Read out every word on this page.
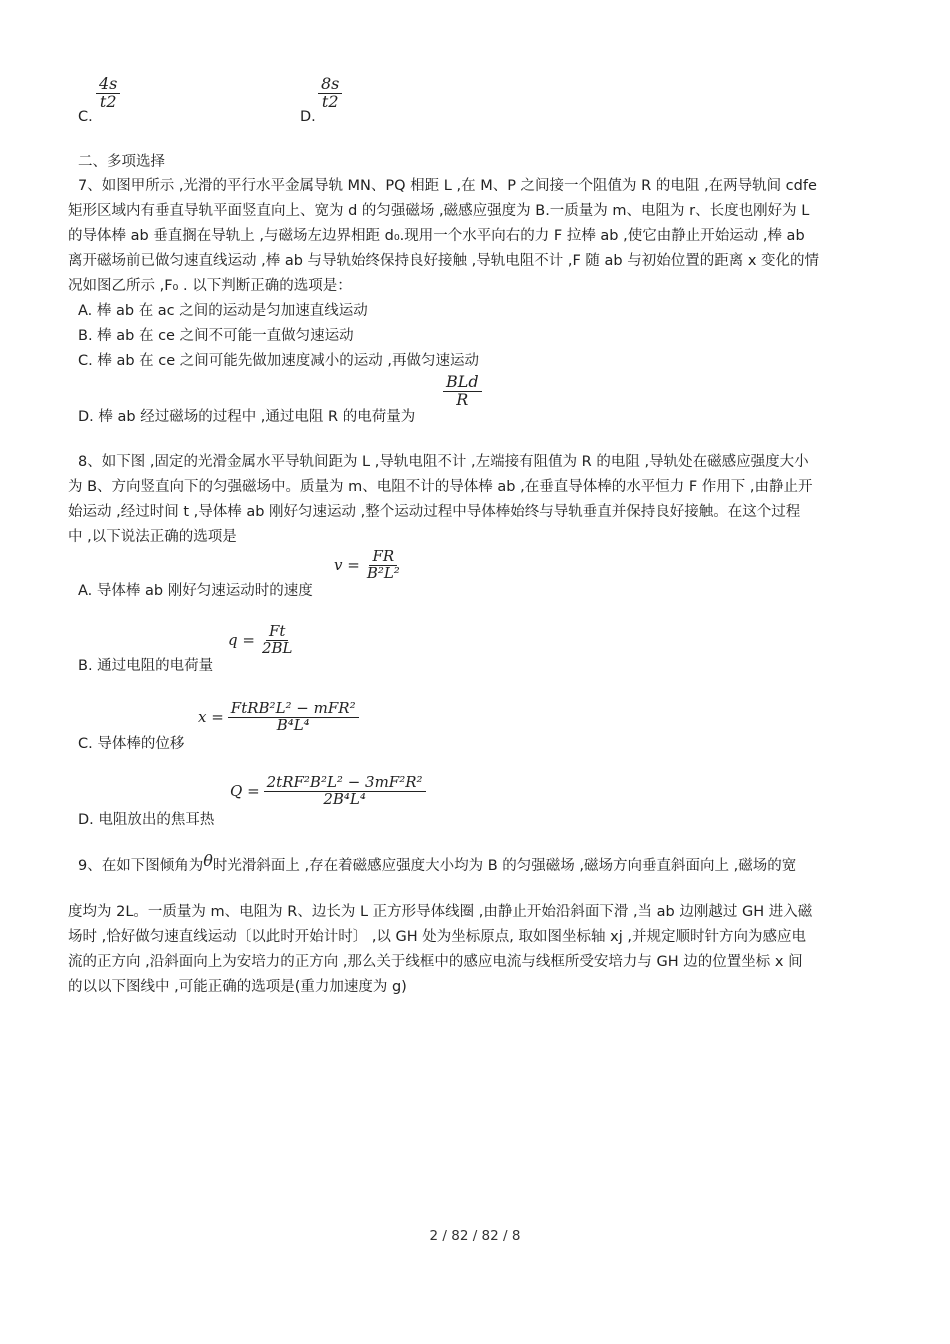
C.
$\frac{4s}{t2}$
D.
$\frac{8s}{t2}$
二、多项选择
7、如图甲所示 ,光滑的平行水平金属导轨 MN、PQ 相距 L ,在 M、P 之间接一个阻值为 R 的电阻 ,在两导轨间 cdfe
矩形区域内有垂直导轨平面竖直向上、宽为 d 的匀强磁场 ,磁感应强度为 B.一质量为 m、电阻为 r、长度也刚好为 L
的导体棒 ab 垂直搁在导轨上 ,与磁场左边界相距 d₀.现用一个水平向右的力 F 拉棒 ab ,使它由静止开始运动 ,棒 ab
离开磁场前已做匀速直线运动 ,棒 ab 与导轨始终保持良好接触 ,导轨电阻不计 ,F 随 ab 与初始位置的距离 x 变化的情
况如图乙所示 ,F₀ . 以下判断正确的选项是：
A. 棒 ab 在 ac 之间的运动是匀加速直线运动
B. 棒 ab 在 ce 之间不可能一直做匀速运动
C. 棒 ab 在 ce 之间可能先做加速度减小的运动 ,再做匀速运动
D. 棒 ab 经过磁场的过程中 ,通过电阻 R 的电荷量为
BLd
R
8、如下图 ,固定的光滑金属水平导轨间距为 L ,导轨电阻不计 ,左端接有阻值为 R 的电阻 ,导轨处在磁感应强度大小
为 B、方向竖直向下的匀强磁场中。质量为 m、电阻不计的导体棒 ab ,在垂直导体棒的水平恒力 F 作用下 ,由静止开
始运动 ,经过时间 t ,导体棒 ab 刚好匀速运动 ,整个运动过程中导体棒始终与导轨垂直并保持良好接触。在这个过程
中 ,以下说法正确的选项是
A. 导体棒 ab 刚好匀速运动时的速度
$v = \frac{FR}{\text{B²L²}}$
B. 通过电阻的电荷量
$q = \frac{Ft}{2BL}$
C. 导体棒的位移
$x = \frac{\text{FtRB²L² − mFR²}}{\text{B⁴L⁴}}$
D. 电阻放出的焦耳热
$Q = \frac{\text{2tRF²B²L² − 3mF²R²}}{\text{2B⁴L⁴}}$
9、在如下图倾角为θ时光滑斜面上 ,存在着磁感应强度大小均为 B 的匀强磁场 ,磁场方向垂直斜面向上 ,磁场的宽
度均为 2L。一质量为 m、电阻为 R、边长为 L 正方形导体线圈 ,由静止开始沿斜面下滑 ,当 ab 边刚越过 GH 进入磁
场时 ,恰好做匀速直线运动〔以此时开始计时〕 ,以 GH 处为坐标原点, 取如图坐标轴 xj ,并规定顺时针方向为感应电
流的正方向 ,沿斜面向上为安培力的正方向 ,那么关于线框中的感应电流与线框所受安培力与 GH 边的位置坐标 x 间
的以以下图线中 ,可能正确的选项是(重力加速度为 g)
2 / 82 / 82 / 8
